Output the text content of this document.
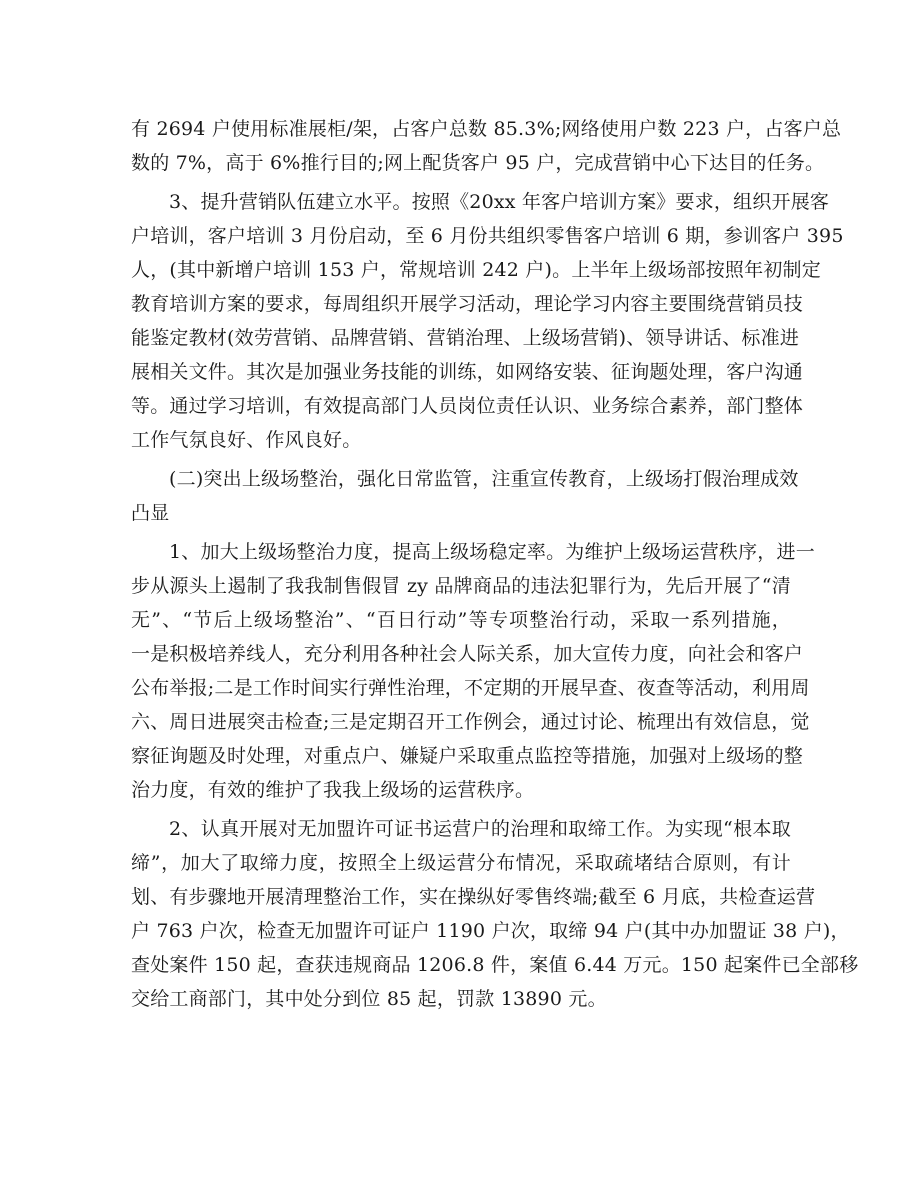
有 2694 户使用标准展柜/架，占客户总数 85.3%;网络使用户数 223 户，占客户总
数的 7%，高于 6%推行目的;网上配货客户 95 户，完成营销中心下达目的任务。
3、提升营销队伍建立水平。按照《20xx 年客户培训方案》要求，组织开展客
户培训，客户培训 3 月份启动，至 6 月份共组织零售客户培训 6 期，参训客户 395
人，(其中新增户培训 153 户，常规培训 242 户)。上半年上级场部按照年初制定
教育培训方案的要求，每周组织开展学习活动，理论学习内容主要围绕营销员技
能鉴定教材(效劳营销、品牌营销、营销治理、上级场营销)、领导讲话、标准进
展相关文件。其次是加强业务技能的训练，如网络安装、征询题处理，客户沟通
等。通过学习培训，有效提高部门人员岗位责任认识、业务综合素养，部门整体
工作气氛良好、作风良好。
(二)突出上级场整治，强化日常监管，注重宣传教育，上级场打假治理成效
凸显
1、加大上级场整治力度，提高上级场稳定率。为维护上级场运营秩序，进一
步从源头上遏制了我我制售假冒 zy 品牌商品的违法犯罪行为，先后开展了“清
无”、“节后上级场整治”、“百日行动”等专项整治行动，采取一系列措施，
一是积极培养线人，充分利用各种社会人际关系，加大宣传力度，向社会和客户
公布举报;二是工作时间实行弹性治理，不定期的开展早查、夜查等活动，利用周
六、周日进展突击检查;三是定期召开工作例会，通过讨论、梳理出有效信息，觉
察征询题及时处理，对重点户、嫌疑户采取重点监控等措施，加强对上级场的整
治力度，有效的维护了我我上级场的运营秩序。
2、认真开展对无加盟许可证书运营户的治理和取缔工作。为实现“根本取
缔”，加大了取缔力度，按照全上级运营分布情况，采取疏堵结合原则，有计
划、有步骤地开展清理整治工作，实在操纵好零售终端;截至 6 月底，共检查运营
户 763 户次，检查无加盟许可证户 1190 户次，取缔 94 户(其中办加盟证 38 户)，
查处案件 150 起，查获违规商品 1206.8 件，案值 6.44 万元。150 起案件已全部移
交给工商部门，其中处分到位 85 起，罚款 13890 元。
